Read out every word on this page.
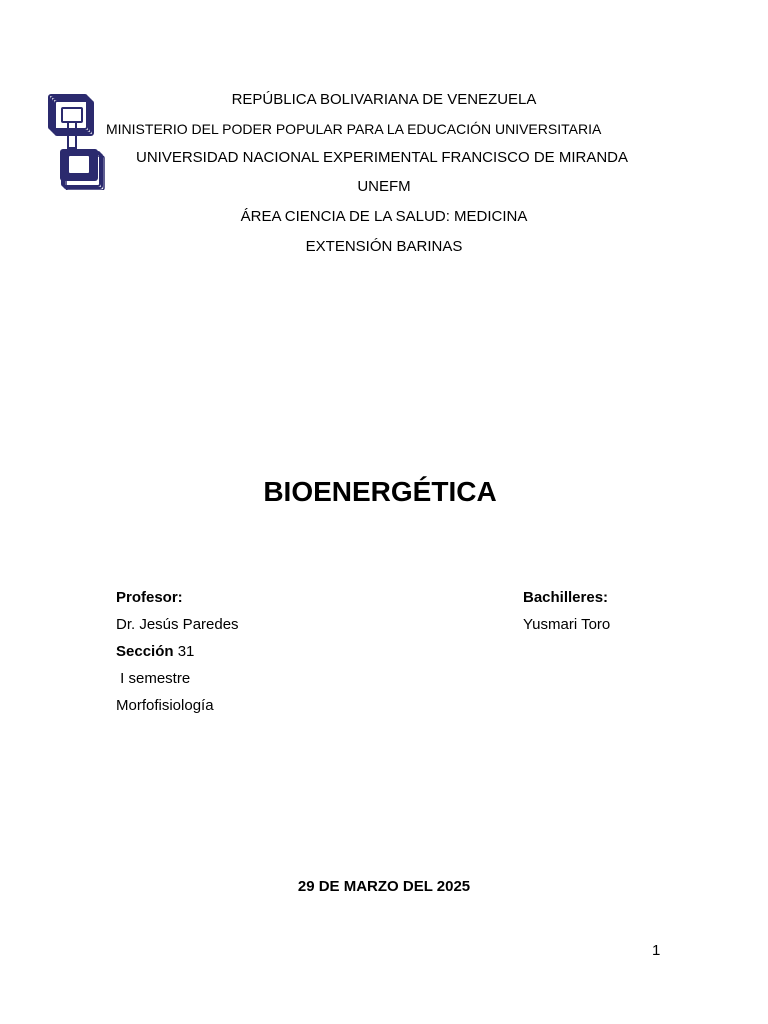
REPÚBLICA BOLIVARIANA DE VENEZUELA
MINISTERIO DEL PODER POPULAR PARA LA EDUCACIÓN UNIVERSITARIA
UNIVERSIDAD NACIONAL EXPERIMENTAL FRANCISCO DE MIRANDA
UNEFM
ÁREA CIENCIA DE LA SALUD: MEDICINA
EXTENSIÓN BARINAS
BIOENERGÉTICA
Profesor:
Dr. Jesús Paredes
Sección 31
I semestre
Morfofisiología
Bachilleres:
Yusmari Toro
29 DE MARZO DEL 2025
1
